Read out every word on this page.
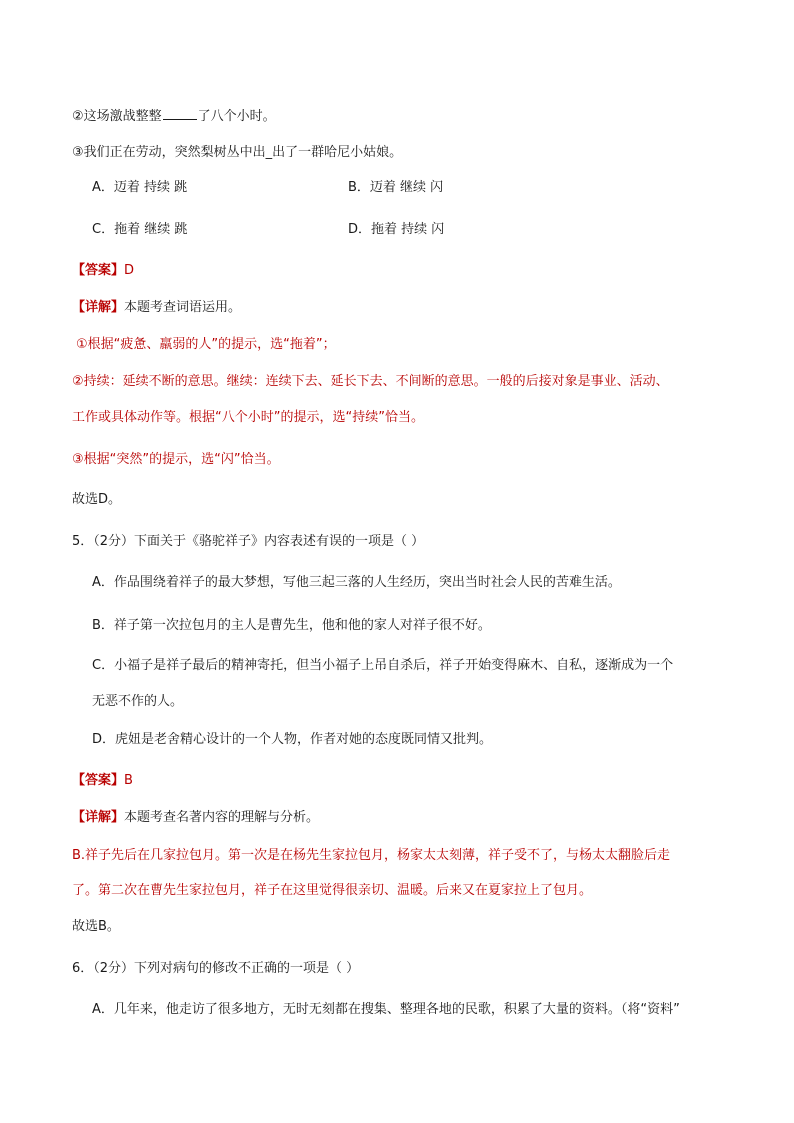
②这场激战整整	了八个小时。
③我们正在劳动，突然梨树丛中出_出了一群哈尼小姑娘。
A．迈着 持续 跳	B．迈着 继续 闪
C．拖着 继续 跳	D．拖着 持续 闪
【答案】D
【详解】本题考查词语运用。
①根据“疲惫、羸弱的人”的提示，选“拖着”；
②持续：延续不断的意思。继续：连续下去、延长下去、不间断的意思。一般的后接对象是事业、活动、
工作或具体动作等。根据“八个小时”的提示，选“持续”恰当。
③根据“突然”的提示，选“闪”恰当。
故选D。
5．（2分）下面关于《骆驼祥子》内容表述有误的一项是（ ）
A．作品围绕着祥子的最大梦想，写他三起三落的人生经历，突出当时社会人民的苦难生活。
B．祥子第一次拉包月的主人是曹先生，他和他的家人对祥子很不好。
C．小福子是祥子最后的精神寄托，但当小福子上吊自杀后，祥子开始变得麻木、自私，逐渐成为一个
无恶不作的人。
D．虎妞是老舍精心设计的一个人物，作者对她的态度既同情又批判。
【答案】B
【详解】本题考查名著内容的理解与分析。
B.祥子先后在几家拉包月。第一次是在杨先生家拉包月，杨家太太刻薄，祥子受不了，与杨太太翻脸后走
了。第二次在曹先生家拉包月，祥子在这里觉得很亲切、温暖。后来又在夏家拉上了包月。
故选B。
6．（2分）下列对病句的修改不正确的一项是（ ）
A．几年来，他走访了很多地方，无时无刻都在搜集、整理各地的民歌，积累了大量的资料。（将“资料”
